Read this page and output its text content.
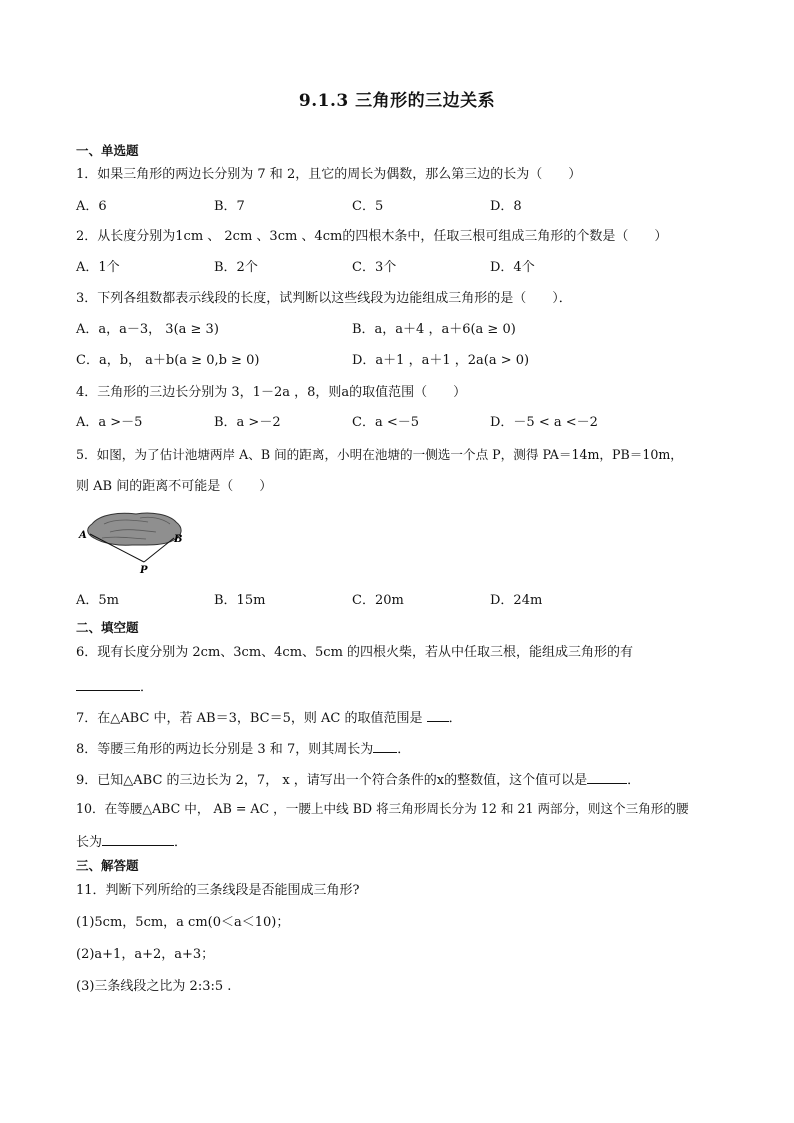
9.1.3 三角形的三边关系
一、单选题
1．如果三角形的两边长分别为 7 和 2，且它的周长为偶数，那么第三边的长为（　　）
A．6	B．7	C．5	D．8
2．从长度分别为1cm 、 2cm 、3cm 、4cm的四根木条中，任取三根可组成三角形的个数是（　　）
A．1个	B．2个	C．3个	D．4个
3．下列各组数都表示线段的长度，试判断以这些线段为边能组成三角形的是（　　）．
A．a，a－3， 3(a ≥ 3)	B．a，a＋4 ，a＋6(a ≥ 0)
C．a，b， a＋b(a ≥ 0,b ≥ 0)	D．a＋1 ，a＋1 ，2a(a > 0)
4．三角形的三边长分别为 3，1－2a ，8，则a的取值范围（　　）
A．a >－5	B．a >－2	C．a <－5	D．－5 < a <－2
5．如图，为了估计池塘两岸 A、B 间的距离，小明在池塘的一侧选一个点 P，测得 PA＝14m，PB＝10m，
则 AB 间的距离不可能是（　　）
A	B
P
A．5m	B．15m	C．20m	D．24m
二、填空题
6．现有长度分别为 2cm、3cm、4cm、5cm 的四根火柴，若从中任取三根，能组成三角形的有
．
7．在△ABC 中，若 AB＝3，BC＝5，则 AC 的取值范围是 ．
8．等腰三角形的两边长分别是 3 和 7，则其周长为 ．
9．已知△ABC 的三边长为 2，7， x ，请写出一个符合条件的x的整数值，这个值可以是	．
10．在等腰△ABC 中， AB = AC ，一腰上中线 BD 将三角形周长分为 12 和 21 两部分，则这个三角形的腰
长为	．
三、解答题
11．判断下列所给的三条线段是否能围成三角形?
(1)5cm，5cm，a cm(0＜a＜10)；
(2)a+1，a+2，a+3；
(3)三条线段之比为 2:3:5 .
